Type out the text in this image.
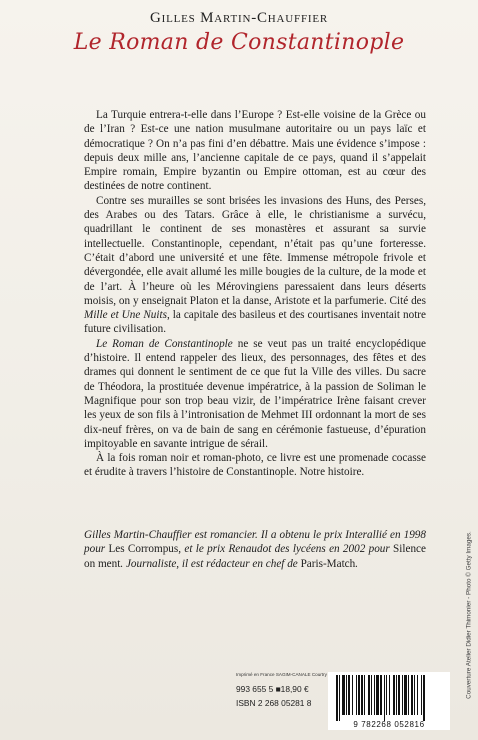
Gilles Martin-Chauffier
Le Roman de Constantinople

La Turquie entrera-t-elle dans l’Europe ? Est-elle voisine de la Grèce ou de l’Iran ? Est-ce une nation musulmane autoritaire ou un pays laïc et démocratique ? On n’a pas fini d’en débattre. Mais une évidence s’impose : depuis deux mille ans, l’ancienne capitale de ce pays, quand il s’appelait Empire romain, Empire byzantin ou Empire ottoman, est au cœur des destinées de notre continent.

Contre ses murailles se sont brisées les invasions des Huns, des Perses, des Arabes ou des Tatars. Grâce à elle, le christianisme a survécu, quadrillant le continent de ses monastères et assurant sa survie intellectuelle. Constantinople, cependant, n’était pas qu’une forteresse. C’était d’abord une université et une fête. Immense métropole frivole et dévergondée, elle avait allumé les mille bougies de la culture, de la mode et de l’art. À l’heure où les Mérovingiens paressaient dans leurs déserts moisis, on y enseignait Platon et la danse, Aristote et la parfumerie. Cité des Mille et Une Nuits, la capitale des basileus et des courtisanes inventait notre future civilisation.

Le Roman de Constantinople ne se veut pas un traité encyclopédique d’histoire. Il entend rappeler des lieux, des personnages, des fêtes et des drames qui donnent le sentiment de ce que fut la Ville des villes. Du sacre de Théodora, la prostituée devenue impératrice, à la passion de Soliman le Magnifique pour son trop beau vizir, de l’impératrice Irène faisant crever les yeux de son fils à l’intronisation de Mehmet III ordonnant la mort de ses dix-neuf frères, on va de bain de sang en cérémonie fastueuse, d’épuration impitoyable en savante intrigue de sérail.

À la fois roman noir et roman-photo, ce livre est une promenade cocasse et érudite à travers l’histoire de Constantinople. Notre histoire.

Gilles Martin-Chauffier est romancier. Il a obtenu le prix Interallié en 1998 pour Les Corrompus, et le prix Renaudot des lycéens en 2002 pour Silence on ment. Journaliste, il est rédacteur en chef de Paris-Match.	Couverture Atelier Didier Thimonier - Photo © Getty Images.
Imprimé en France SAGIM-CANALE Courtry
993 655 5 ■18,90 €
ISBN 2 268 05281 8
9 782268 052816
